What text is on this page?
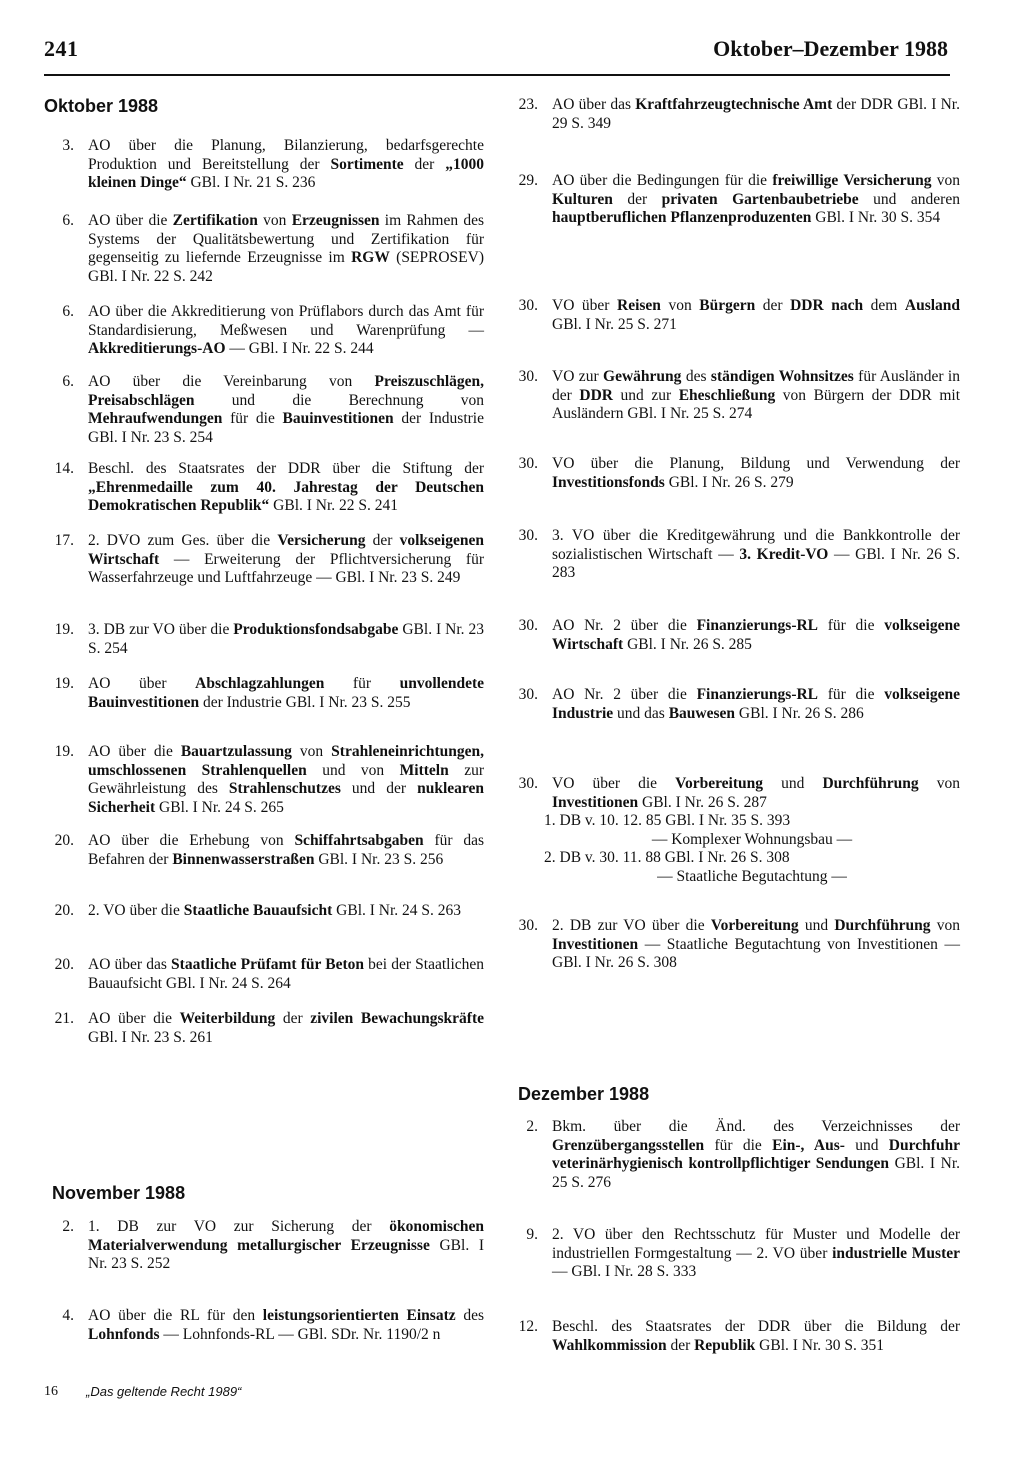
241	Oktober–Dezember 1988
Oktober 1988
3. AO über die Planung, Bilanzierung, bedarfsgerechte Produktion und Bereitstellung der Sortimente der „1000 kleinen Dinge“ GBl. I Nr. 21 S. 236
6. AO über die Zertifikation von Erzeugnissen im Rahmen des Systems der Qualitätsbewertung und Zertifikation für gegenseitig zu liefernde Erzeugnisse im RGW (SEPROSEV) GBl. I Nr. 22 S. 242
6. AO über die Akkreditierung von Prüflabors durch das Amt für Standardisierung, Meßwesen und Warenprüfung — Akkreditierungs-AO — GBl. I Nr. 22 S. 244
6. AO über die Vereinbarung von Preiszuschlägen, Preisabschlägen und die Berechnung von Mehraufwendungen für die Bauinvestitionen der Industrie GBl. I Nr. 23 S. 254
14. Beschl. des Staatsrates der DDR über die Stiftung der „Ehrenmedaille zum 40. Jahrestag der Deutschen Demokratischen Republik“ GBl. I Nr. 22 S. 241
17. 2. DVO zum Ges. über die Versicherung der volkseigenen Wirtschaft — Erweiterung der Pflichtversicherung für Wasserfahrzeuge und Luftfahrzeuge — GBl. I Nr. 23 S. 249
19. 3. DB zur VO über die Produktionsfondsabgabe GBl. I Nr. 23 S. 254
19. AO über Abschlagzahlungen für unvollendete Bauinvestitionen der Industrie GBl. I Nr. 23 S. 255
19. AO über die Bauartzulassung von Strahleneinrichtungen, umschlossenen Strahlenquellen und von Mitteln zur Gewährleistung des Strahlenschutzes und der nuklearen Sicherheit GBl. I Nr. 24 S. 265
20. AO über die Erhebung von Schiffahrtsabgaben für das Befahren der Binnenwasserstraßen GBl. I Nr. 23 S. 256
20. 2. VO über die Staatliche Bauaufsicht GBl. I Nr. 24 S. 263
20. AO über das Staatliche Prüfamt für Beton bei der Staatlichen Bauaufsicht GBl. I Nr. 24 S. 264
21. AO über die Weiterbildung der zivilen Bewachungskräfte GBl. I Nr. 23 S. 261
November 1988
2. 1. DB zur VO zur Sicherung der ökonomischen Materialverwendung metallurgischer Erzeugnisse GBl. I Nr. 23 S. 252
4. AO über die RL für den leistungsorientierten Einsatz des Lohnfonds — Lohnfonds-RL — GBl. SDr. Nr. 1190/2 n
23. AO über das Kraftfahrzeugtechnische Amt der DDR GBl. I Nr. 29 S. 349
29. AO über die Bedingungen für die freiwillige Versicherung von Kulturen der privaten Gartenbaubetriebe und anderen hauptberuflichen Pflanzenproduzenten GBl. I Nr. 30 S. 354
30. VO über Reisen von Bürgern der DDR nach dem Ausland GBl. I Nr. 25 S. 271
30. VO zur Gewährung des ständigen Wohnsitzes für Ausländer in der DDR und zur Eheschließung von Bürgern der DDR mit Ausländern GBl. I Nr. 25 S. 274
30. VO über die Planung, Bildung und Verwendung der Investitionsfonds GBl. I Nr. 26 S. 279
30. 3. VO über die Kreditgewährung und die Bankkontrolle der sozialistischen Wirtschaft — 3. Kredit-VO — GBl. I Nr. 26 S. 283
30. AO Nr. 2 über die Finanzierungs-RL für die volkseigene Wirtschaft GBl. I Nr. 26 S. 285
30. AO Nr. 2 über die Finanzierungs-RL für die volkseigene Industrie und das Bauwesen GBl. I Nr. 26 S. 286
30. VO über die Vorbereitung und Durchführung von Investitionen GBl. I Nr. 26 S. 287
1. DB v. 10. 12. 85 GBl. I Nr. 35 S. 393
— Komplexer Wohnungsbau —
2. DB v. 30. 11. 88 GBl. I Nr. 26 S. 308
— Staatliche Begutachtung —
30. 2. DB zur VO über die Vorbereitung und Durchführung von Investitionen — Staatliche Begutachtung von Investitionen — GBl. I Nr. 26 S. 308
Dezember 1988
2. Bkm. über die Änd. des Verzeichnisses der Grenzübergangsstellen für die Ein-, Aus- und Durchfuhr veterinärhygienisch kontrollpflichtiger Sendungen GBl. I Nr. 25 S. 276
9. 2. VO über den Rechtsschutz für Muster und Modelle der industriellen Formgestaltung — 2. VO über industrielle Muster — GBl. I Nr. 28 S. 333
12. Beschl. des Staatsrates der DDR über die Bildung der Wahlkommission der Republik GBl. I Nr. 30 S. 351
16 „Das geltende Recht 1989“
